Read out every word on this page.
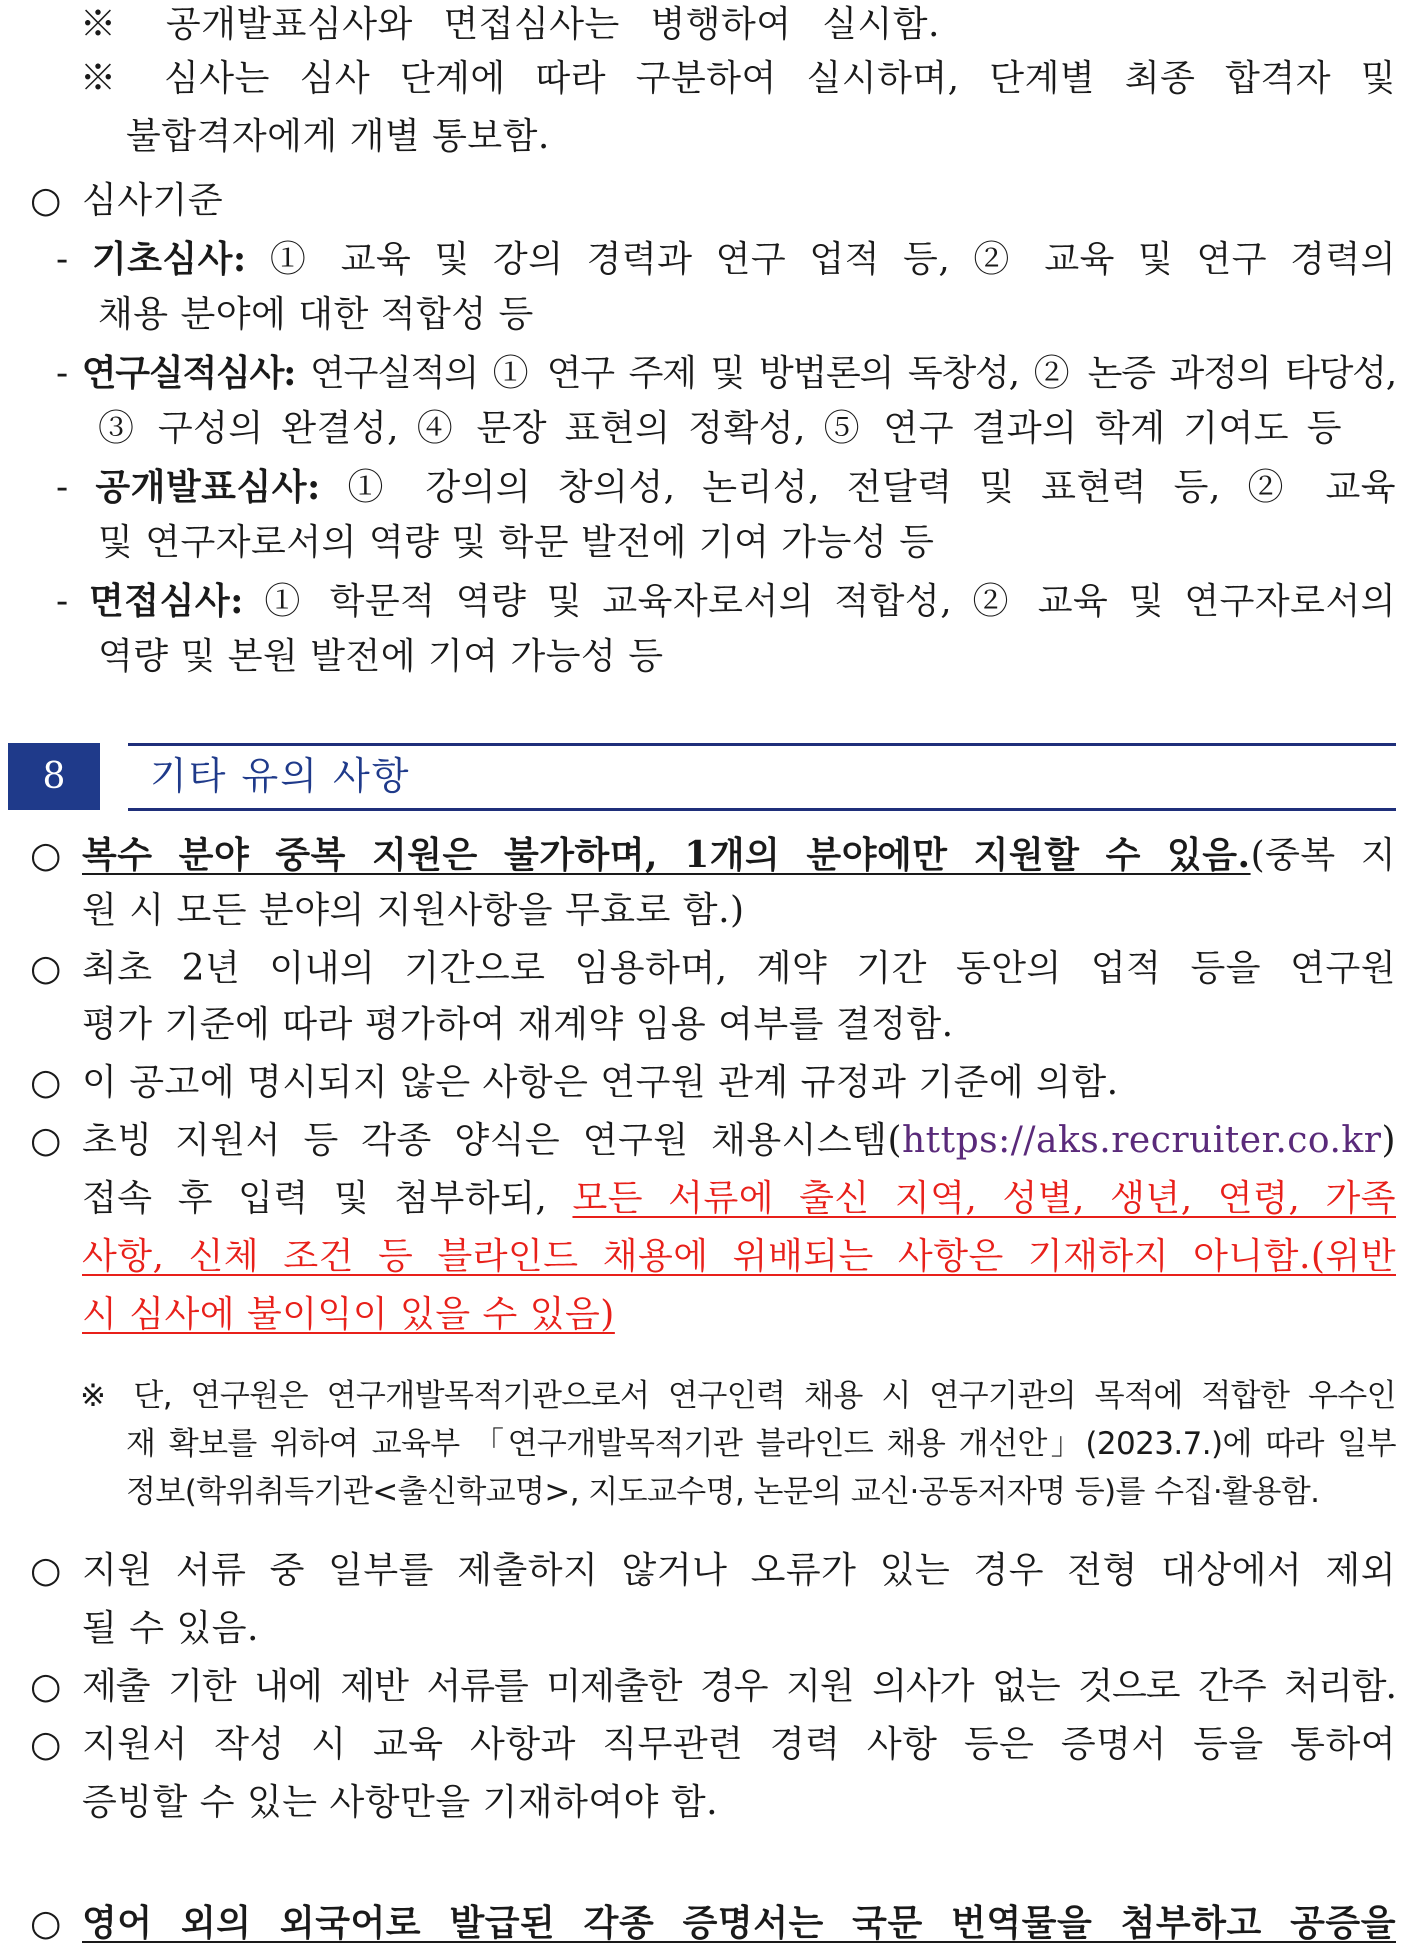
※ 공개발표심사와 면접심사는 병행하여 실시함.
※ 심사는 심사 단계에 따라 구분하여 실시하며, 단계별 최종 합격자 및
불합격자에게 개별 통보함.
○ 심사기준
- 기초심사: ① 교육 및 강의 경력과 연구 업적 등, ② 교육 및 연구 경력의
채용 분야에 대한 적합성 등
- 연구실적심사: 연구실적의 ① 연구 주제 및 방법론의 독창성, ② 논증 과정의 타당성,
③ 구성의 완결성, ④ 문장 표현의 정확성, ⑤ 연구 결과의 학계 기여도 등
- 공개발표심사: ① 강의의 창의성, 논리성, 전달력 및 표현력 등, ② 교육
및 연구자로서의 역량 및 학문 발전에 기여 가능성 등
- 면접심사: ① 학문적 역량 및 교육자로서의 적합성, ② 교육 및 연구자로서의
역량 및 본원 발전에 기여 가능성 등
8	기타 유의 사항
○ 복수 분야 중복 지원은 불가하며, 1개의 분야에만 지원할 수 있음.(중복 지
원 시 모든 분야의 지원사항을 무효로 함.)
○ 최초 2년 이내의 기간으로 임용하며, 계약 기간 동안의 업적 등을 연구원
평가 기준에 따라 평가하여 재계약 임용 여부를 결정함.
○ 이 공고에 명시되지 않은 사항은 연구원 관계 규정과 기준에 의함.
○ 초빙 지원서 등 각종 양식은 연구원 채용시스템(https://aks.recruiter.co.kr)
접속 후 입력 및 첨부하되, 모든 서류에 출신 지역, 성별, 생년, 연령, 가족
사항, 신체 조건 등 블라인드 채용에 위배되는 사항은 기재하지 아니함.(위반
시 심사에 불이익이 있을 수 있음)
※ 단, 연구원은 연구개발목적기관으로서 연구인력 채용 시 연구기관의 목적에 적합한 우수인
재 확보를 위하여 교육부 「연구개발목적기관 블라인드 채용 개선안」(2023.7.)에 따라 일부
정보(학위취득기관<출신학교명>, 지도교수명, 논문의 교신·공동저자명 등)를 수집·활용함.
○ 지원 서류 중 일부를 제출하지 않거나 오류가 있는 경우 전형 대상에서 제외
될 수 있음.
○ 제출 기한 내에 제반 서류를 미제출한 경우 지원 의사가 없는 것으로 간주 처리함.
○ 지원서 작성 시 교육 사항과 직무관련 경력 사항 등은 증명서 등을 통하여
증빙할 수 있는 사항만을 기재하여야 함.
○ 영어 외의 외국어로 발급된 각종 증명서는 국문 번역물을 첨부하고 공증을
